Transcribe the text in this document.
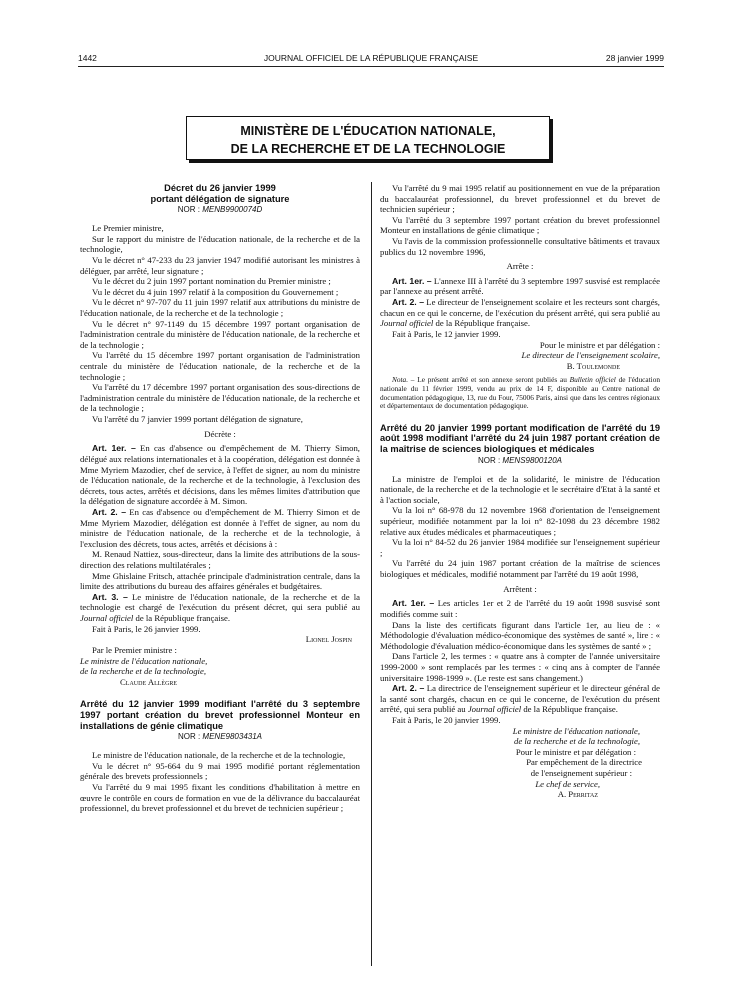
1442	JOURNAL OFFICIEL DE LA RÉPUBLIQUE FRANÇAISE	28 janvier 1999
MINISTÈRE DE L'ÉDUCATION NATIONALE,
DE LA RECHERCHE ET DE LA TECHNOLOGIE

Décret du 26 janvier 1999

portant délégation de signature

NOR : MENB9900074D

Le Premier ministre,

Sur le rapport du ministre de l'éducation nationale, de la recherche et de la technologie,

Vu le décret n° 47-233 du 23 janvier 1947 modifié autorisant les ministres à déléguer, par arrêté, leur signature ;

Vu le décret du 2 juin 1997 portant nomination du Premier ministre ;

Vu le décret du 4 juin 1997 relatif à la composition du Gouvernement ;

Vu le décret n° 97-707 du 11 juin 1997 relatif aux attributions du ministre de l'éducation nationale, de la recherche et de la technologie ;

Vu le décret n° 97-1149 du 15 décembre 1997 portant organisation de l'administration centrale du ministère de l'éducation nationale, de la recherche et de la technologie ;

Vu l'arrêté du 15 décembre 1997 portant organisation de l'administration centrale du ministère de l'éducation nationale, de la recherche et de la technologie ;

Vu l'arrêté du 17 décembre 1997 portant organisation des sous-directions de l'administration centrale du ministère de l'éducation nationale, de la recherche et de la technologie ;

Vu l'arrêté du 7 janvier 1999 portant délégation de signature,

Décrète :

Art. 1er. – En cas d'absence ou d'empêchement de M. Thierry Simon, délégué aux relations internationales et à la coopération, délégation est donnée à Mme Myriem Mazodier, chef de service, à l'effet de signer, au nom du ministre de l'éducation nationale, de la recherche et de la technologie, à l'exclusion des décrets, tous actes, arrêtés et décisions, dans les mêmes limites d'attribution que la délégation de signature accordée à M. Simon.

Art. 2. – En cas d'absence ou d'empêchement de M. Thierry Simon et de Mme Myriem Mazodier, délégation est donnée à l'effet de signer, au nom du ministre de l'éducation nationale, de la recherche et de la technologie, à l'exclusion des décrets, tous actes, arrêtés et décisions à :

M. Renaud Nattiez, sous-directeur, dans la limite des attributions de la sous-direction des relations multilatérales ;

Mme Ghislaine Fritsch, attachée principale d'administration centrale, dans la limite des attributions du bureau des affaires générales et budgétaires.

Art. 3. – Le ministre de l'éducation nationale, de la recherche et de la technologie est chargé de l'exécution du présent décret, qui sera publié au Journal officiel de la République française.

Fait à Paris, le 26 janvier 1999.

Lionel Jospin

Par le Premier ministre :

Le ministre de l'éducation nationale,

de la recherche et de la technologie,

Claude Allègre

Arrêté du 12 janvier 1999 modifiant l'arrêté du 3 septembre 1997 portant création du brevet professionnel Monteur en installations de génie climatique

NOR : MENE9803431A

Le ministre de l'éducation nationale, de la recherche et de la technologie,

Vu le décret n° 95-664 du 9 mai 1995 modifié portant réglementation générale des brevets professionnels ;

Vu l'arrêté du 9 mai 1995 fixant les conditions d'habilitation à mettre en œuvre le contrôle en cours de formation en vue de la délivrance du baccalauréat professionnel, du brevet professionnel et du brevet de technicien supérieur ;

Vu l'arrêté du 9 mai 1995 relatif au positionnement en vue de la préparation du baccalauréat professionnel, du brevet professionnel et du brevet de technicien supérieur ;

Vu l'arrêté du 3 septembre 1997 portant création du brevet professionnel Monteur en installations de génie climatique ;

Vu l'avis de la commission professionnelle consultative bâtiments et travaux publics du 12 novembre 1996,

Arrête :

Art. 1er. – L'annexe III à l'arrêté du 3 septembre 1997 susvisé est remplacée par l'annexe au présent arrêté.

Art. 2. – Le directeur de l'enseignement scolaire et les recteurs sont chargés, chacun en ce qui le concerne, de l'exécution du présent arrêté, qui sera publié au Journal officiel de la République française.

Fait à Paris, le 12 janvier 1999.

Pour le ministre et par délégation :

Le directeur de l'enseignement scolaire,

B. Toulemonde

Nota. – Le présent arrêté et son annexe seront publiés au Bulletin officiel de l'éducation nationale du 11 février 1999, vendu au prix de 14 F, disponible au Centre national de documentation pédagogique, 13, rue du Four, 75006 Paris, ainsi que dans les centres régionaux et départementaux de documentation pédagogique.

Arrêté du 20 janvier 1999 portant modification de l'arrêté du 19 août 1998 modifiant l'arrêté du 24 juin 1987 portant création de la maîtrise de sciences biologiques et médicales

NOR : MENS9800120A

La ministre de l'emploi et de la solidarité, le ministre de l'éducation nationale, de la recherche et de la technologie et le secrétaire d'Etat à la santé et à l'action sociale,

Vu la loi n° 68-978 du 12 novembre 1968 d'orientation de l'enseignement supérieur, modifiée notamment par la loi n° 82-1098 du 23 décembre 1982 relative aux études médicales et pharmaceutiques ;

Vu la loi n° 84-52 du 26 janvier 1984 modifiée sur l'enseignement supérieur ;

Vu l'arrêté du 24 juin 1987 portant création de la maîtrise de sciences biologiques et médicales, modifié notamment par l'arrêté du 19 août 1998,

Arrêtent :

Art. 1er. – Les articles 1er et 2 de l'arrêté du 19 août 1998 susvisé sont modifiés comme suit :

Dans la liste des certificats figurant dans l'article 1er, au lieu de : « Méthodologie d'évaluation médico-économique des systèmes de santé », lire : « Méthodologie d'évaluation médico-économique dans les systèmes de santé » ;

Dans l'article 2, les termes : « quatre ans à compter de l'année universitaire 1999-2000 » sont remplacés par les termes : « cinq ans à compter de l'année universitaire 1998-1999 ». (Le reste est sans changement.)

Art. 2. – La directrice de l'enseignement supérieur et le directeur général de la santé sont chargés, chacun en ce qui le concerne, de l'exécution du présent arrêté, qui sera publié au Journal officiel de la République française.

Fait à Paris, le 20 janvier 1999.

Le ministre de l'éducation nationale,

de la recherche et de la technologie,

Pour le ministre et par délégation :

Par empêchement de la directrice

de l'enseignement supérieur :

Le chef de service,

A. Perritaz
